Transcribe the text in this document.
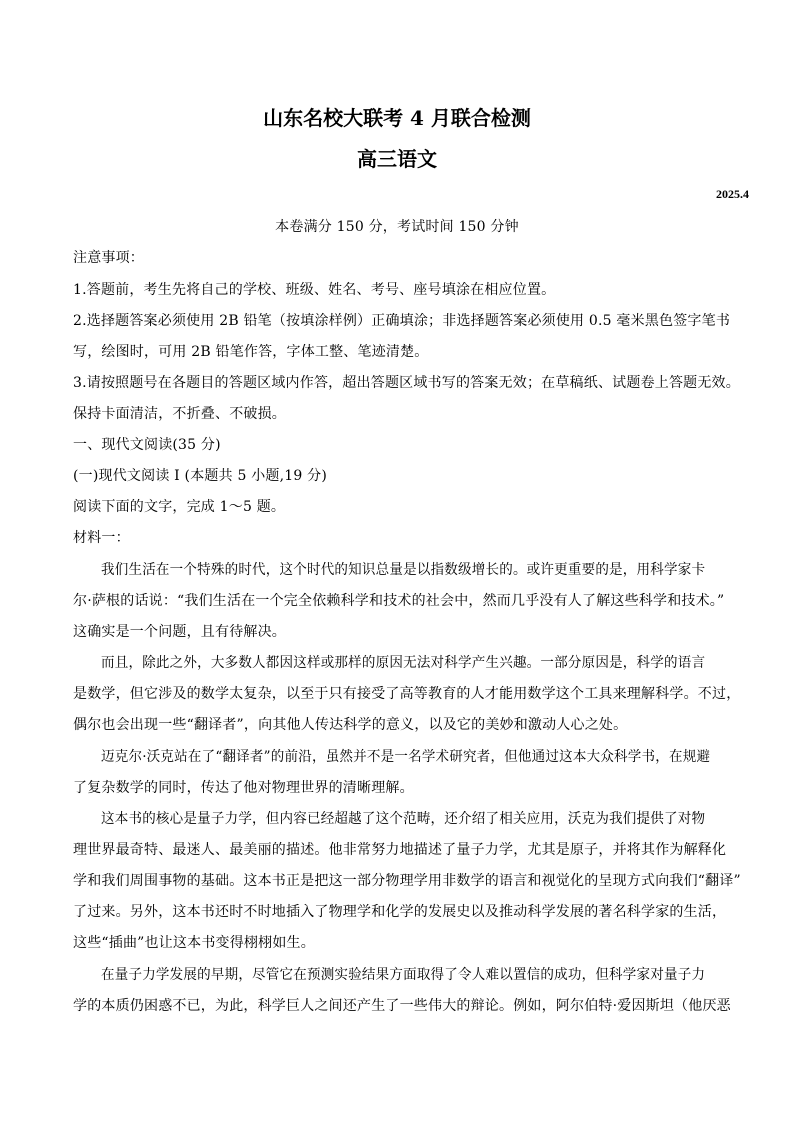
山东名校大联考 4 月联合检测
高三语文
2025.4
本卷满分 150 分，考试时间 150 分钟
注意事项：
1.答题前，考生先将自己的学校、班级、姓名、考号、座号填涂在相应位置。
2.选择题答案必须使用 2B 铅笔（按填涂样例）正确填涂；非选择题答案必须使用 0.5 毫米黑色签字笔书
写，绘图时，可用 2B 铅笔作答，字体工整、笔迹清楚。
3.请按照题号在各题目的答题区域内作答，超出答题区域书写的答案无效；在草稿纸、试题卷上答题无效。
保持卡面清洁，不折叠、不破损。
一、现代文阅读(35 分)
(一)现代文阅读 I (本题共 5 小题,19 分)
阅读下面的文字，完成 1～5 题。
材料一：
我们生活在一个特殊的时代，这个时代的知识总量是以指数级增长的。或许更重要的是，用科学家卡
尔·萨根的话说：“我们生活在一个完全依赖科学和技术的社会中，然而几乎没有人了解这些科学和技术。”
这确实是一个问题，且有待解决。
而且，除此之外，大多数人都因这样或那样的原因无法对科学产生兴趣。一部分原因是，科学的语言
是数学，但它涉及的数学太复杂，以至于只有接受了高等教育的人才能用数学这个工具来理解科学。不过，
偶尔也会出现一些“翻译者”，向其他人传达科学的意义，以及它的美妙和激动人心之处。
迈克尔·沃克站在了“翻译者”的前沿，虽然并不是一名学术研究者，但他通过这本大众科学书，在规避
了复杂数学的同时，传达了他对物理世界的清晰理解。
这本书的核心是量子力学，但内容已经超越了这个范畴，还介绍了相关应用，沃克为我们提供了对物
理世界最奇特、最迷人、最美丽的描述。他非常努力地描述了量子力学，尤其是原子，并将其作为解释化
学和我们周围事物的基础。这本书正是把这一部分物理学用非数学的语言和视觉化的呈现方式向我们“翻译”
了过来。另外，这本书还时不时地插入了物理学和化学的发展史以及推动科学发展的著名科学家的生活，
这些“插曲”也让这本书变得栩栩如生。
在量子力学发展的早期，尽管它在预测实验结果方面取得了令人难以置信的成功，但科学家对量子力
学的本质仍困惑不已，为此，科学巨人之间还产生了一些伟大的辩论。例如，阿尔伯特·爱因斯坦（他厌恶
